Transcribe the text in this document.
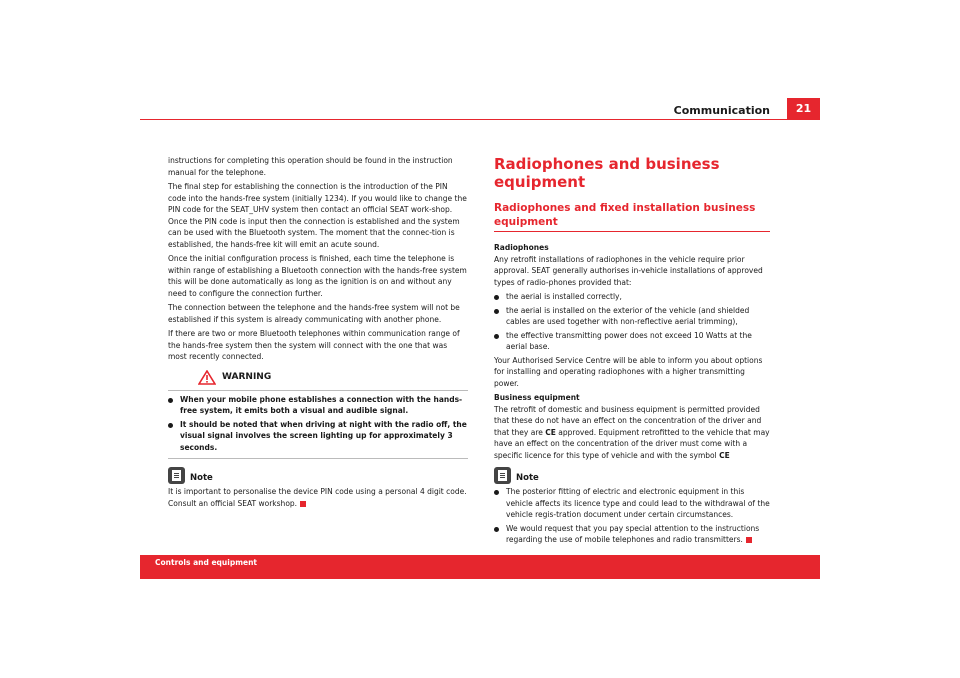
Communication	21

instructions for completing this operation should be found in the instruction manual for the telephone.

The final step for establishing the connection is the introduction of the PIN code into the hands-free system (initially 1234). If you would like to change the PIN code for the SEAT_UHV system then contact an official SEAT work-shop. Once the PIN code is input then the connection is established and the system can be used with the Bluetooth system. The moment that the connec-tion is established, the hands-free kit will emit an acute sound.

Once the initial configuration process is finished, each time the telephone is within range of establishing a Bluetooth connection with the hands-free system this will be done automatically as long as the ignition is on and without any need to configure the connection further.

The connection between the telephone and the hands-free system will not be established if this system is already communicating with another phone.

If there are two or more Bluetooth telephones within communication range of the hands-free system then the system will connect with the one that was most recently connected.

WARNING
When your mobile phone establishes a connection with the hands-free system, it emits both a visual and audible signal.
It should be noted that when driving at night with the radio off, the visual signal involves the screen lighting up for approximately 3 seconds.
Note

It is important to personalise the device PIN code using a personal 4 digit code. Consult an official SEAT workshop.

Radiophones and business equipment
Radiophones and fixed installation business equipment

Radiophones

Any retrofit installations of radiophones in the vehicle require prior approval. SEAT generally authorises in-vehicle installations of approved types of radio-phones provided that:

the aerial is installed correctly,
the aerial is installed on the exterior of the vehicle (and shielded cables are used together with non-reflective aerial trimming),
the effective transmitting power does not exceed 10 Watts at the aerial base.

Your Authorised Service Centre will be able to inform you about options for installing and operating radiophones with a higher transmitting power.

Business equipment

The retrofit of domestic and business equipment is permitted provided that these do not have an effect on the concentration of the driver and that they are CE approved. Equipment retrofitted to the vehicle that may have an effect on the concentration of the driver must come with a specific licence for this type of vehicle and with the symbol CE

Note
The posterior fitting of electric and electronic equipment in this vehicle affects its licence type and could lead to the withdrawal of the vehicle regis-tration document under certain circumstances.
We would request that you pay special attention to the instructions regarding the use of mobile telephones and radio transmitters.
Controls and equipment
